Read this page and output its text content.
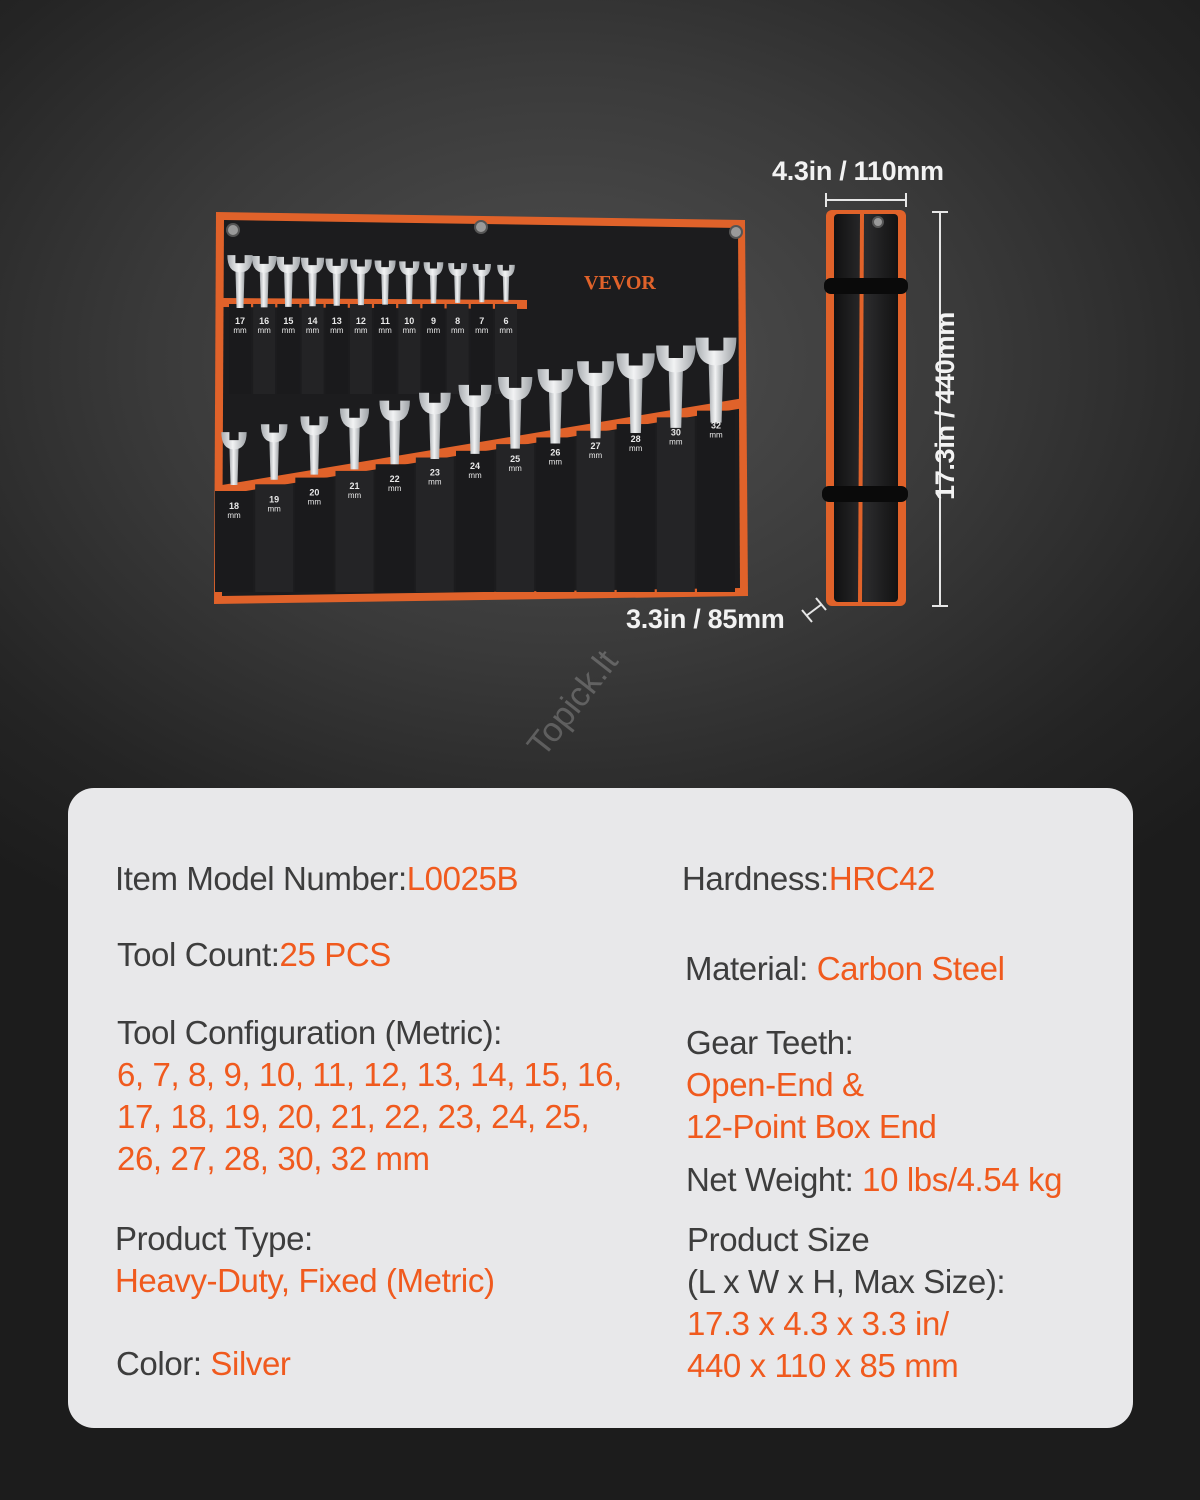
VEVOR
17
mm
16
mm
15
mm
14
mm
13
mm
12
mm
11
mm
10
mm
9
mm
8
mm
7
mm
6
mm
18
mm
19
mm
20
mm
21
mm
22
mm
23
mm
24
mm
25
mm
26
mm
27
mm
28
mm
30
mm
32
mm
4.3in / 110mm
17.3in / 440mm
3.3in / 85mm
Topick.lt
Item Model Number:L0025B
Tool Count:25 PCS
Tool Configuration (Metric):
6, 7, 8, 9, 10, 11, 12, 13, 14, 15, 16,
17, 18, 19, 20, 21, 22, 23, 24, 25,
26, 27, 28, 30, 32 mm
Product Type:
Heavy-Duty, Fixed (Metric)
Color: Silver
Hardness:HRC42
Material: Carbon Steel
Gear Teeth:
Open-End &
12-Point Box End
Net Weight: 10 lbs/4.54 kg
Product Size
(L x W x H, Max Size):
17.3 x 4.3 x 3.3 in/
440 x 110 x 85 mm
